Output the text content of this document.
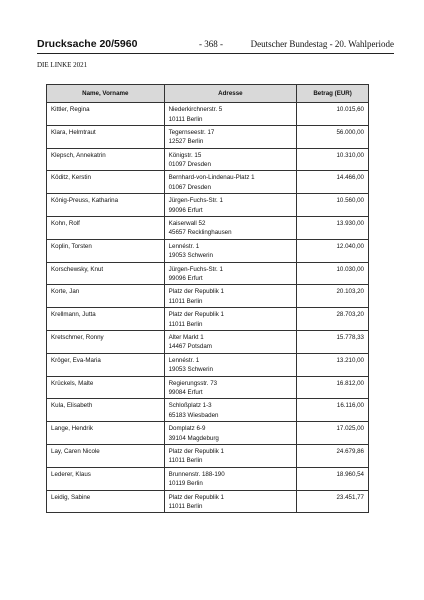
Drucksache 20/5960	- 368 -	Deutscher Bundestag - 20. Wahlperiode
DIE LINKE 2021
Name, Vorname	Adresse	Betrag (EUR)
Kittler, Regina	Niederkirchnerstr. 5
10111 Berlin	10.015,60
Klara, Helmtraut	Tegernseestr. 17
12527 Berlin	56.000,00
Klepsch, Annekatrin	Königstr. 15
01097 Dresden	10.310,00
Köditz, Kerstin	Bernhard-von-Lindenau-Platz 1
01067 Dresden	14.466,00
König-Preuss, Katharina	Jürgen-Fuchs-Str. 1
99096 Erfurt	10.560,00
Kohn, Rolf	Kaiserwall 52
45657 Recklinghausen	13.930,00
Koplin, Torsten	Lennéstr. 1
19053 Schwerin	12.040,00
Korschewsky, Knut	Jürgen-Fuchs-Str. 1
99096 Erfurt	10.030,00
Korte, Jan	Platz der Republik 1
11011 Berlin	20.103,20
Krellmann, Jutta	Platz der Republik 1
11011 Berlin	28.703,20
Kretschmer, Ronny	Alter Markt 1
14467 Potsdam	15.778,33
Kröger, Eva-Maria	Lennéstr. 1
19053 Schwerin	13.210,00
Krückels, Malte	Regierungsstr. 73
99084 Erfurt	16.812,00
Kula, Elisabeth	Schloßplatz 1-3
65183 Wiesbaden	16.116,00
Lange, Hendrik	Domplatz 6-9
39104 Magdeburg	17.025,00
Lay, Caren Nicole	Platz der Republik 1
11011 Berlin	24.679,86
Lederer, Klaus	Brunnenstr. 188-190
10119 Berlin	18.960,54
Leidig, Sabine	Platz der Republik 1
11011 Berlin	23.451,77
